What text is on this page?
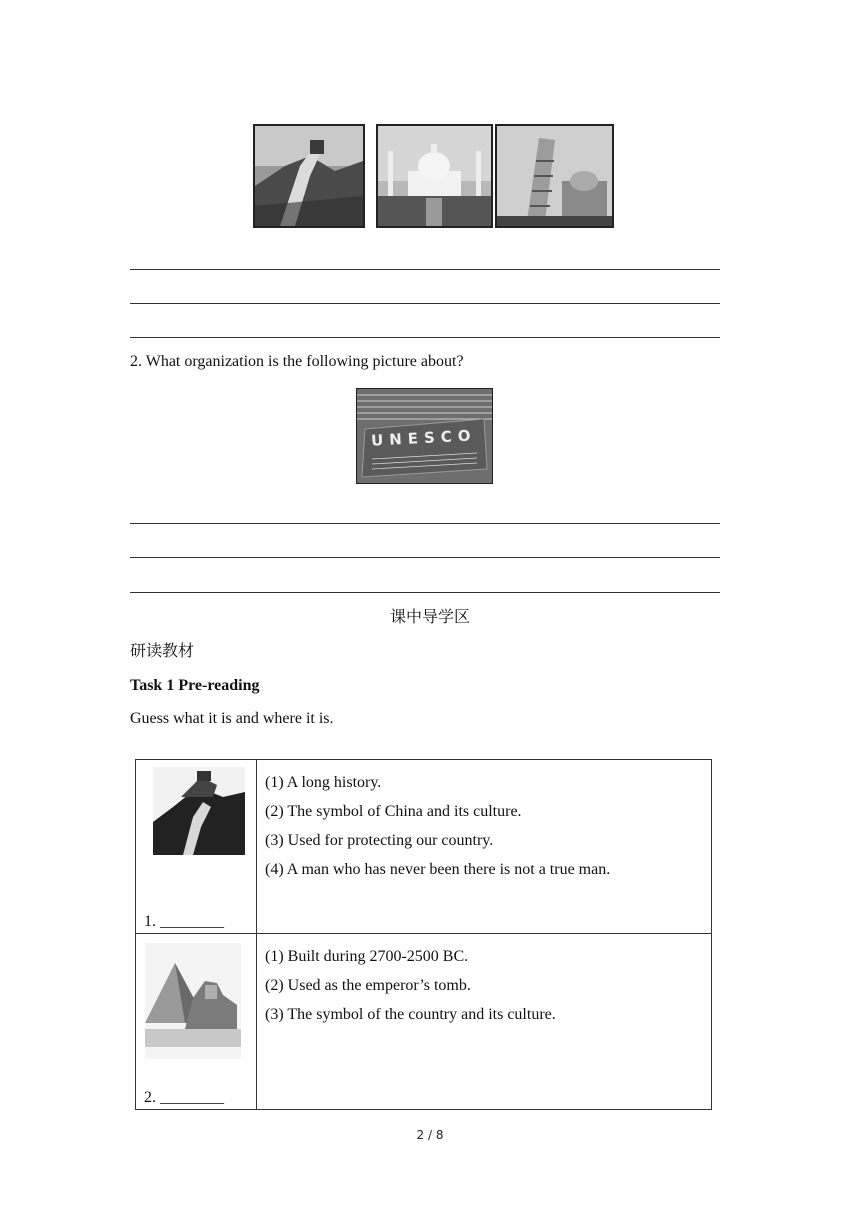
2. What organization is the following picture about?
UNESCO
课中导学区
研读教材
Task 1 Pre-reading
Guess what it is and where it is.
1. ________	(1) A long history.
(2) The symbol of China and its culture.
(3) Used for protecting our country.
(4) A man who has never been there is not a true man.

2. ________	(1) Built during 2700-2500 BC.
(2) Used as the emperor’s tomb.
(3) The symbol of the country and its culture.
2 / 8
